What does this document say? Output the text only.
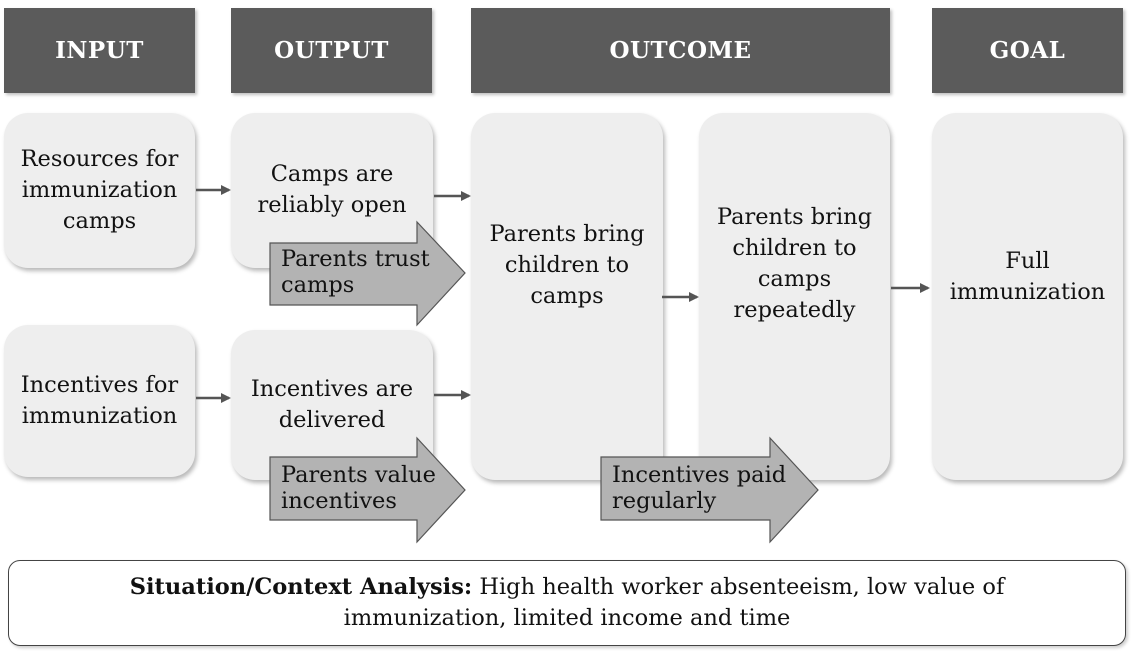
INPUT	OUTPUT	OUTCOME	GOAL
Resources for
immunization
camps
Incentives for
immunization
Camps are
reliably open
Incentives are
delivered
Parents bring
children to
camps
Parents bring
children to
camps
repeatedly
Full
immunization
Parents trust
camps
Parents value
incentives
Incentives paid
regularly
Situation/Context Analysis: High health worker absenteeism, low value of immunization, limited income and time
